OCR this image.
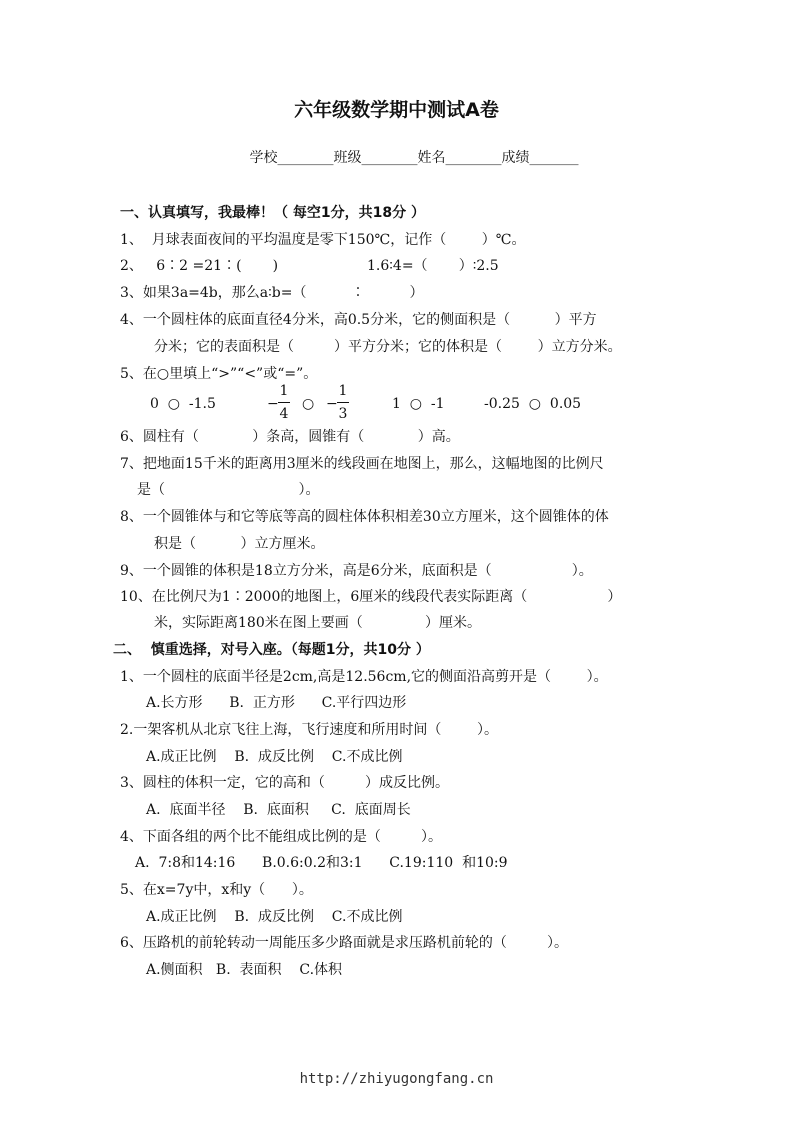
六年级数学期中测试A卷
学校________班级________姓名________成绩_______
一、认真填写，我最棒！（ 每空1分，共18分 ）
1、  月球表面夜间的平均温度是零下150℃，记作（        ）℃。
2、   6∶2 =21∶(       )	1.6∶4=（       ）∶2.5
3、如果3a=4b，那么a∶b=（          ∶          ）
4、一个圆柱体的底面直径4分米，高0.5分米，它的侧面积是（          ）平方
分米；它的表面积是（         ）平方分米；它的体积是（        ）立方分米。
5、在○里填上“>”“<”或“=”。
0  ○  -1.5	− $\frac{1}{4}$ ○ − $\frac{1}{3}$	1  ○  -1	-0.25  ○  0.05
6、圆柱有（            ）条高，圆锥有（            ）高。
7、把地面15千米的距离用3厘米的线段画在地图上，那么，这幅地图的比例尺
是（                              ）。
8、一个圆锥体与和它等底等高的圆柱体体积相差30立方厘米，这个圆锥体的体
积是（          ）立方厘米。
9、一个圆锥的体积是18立方分米，高是6分米，底面积是（                  ）。
10、在比例尺为1∶2000的地图上，6厘米的线段代表实际距离（                  ）
米，实际距离180米在图上要画（              ）厘米。
二、  慎重选择，对号入座。（每题1分，共10分 ）
1、一个圆柱的底面半径是2cm,高是12.56cm,它的侧面沿高剪开是（        ）。
A.长方形      B.  正方形      C.平行四边形
2.一架客机从北京飞往上海，飞行速度和所用时间（        ）。
A.成正比例    B.  成反比例    C.不成比例
3、圆柱的体积一定，它的高和（         ）成反比例。
A.  底面半径    B.  底面积     C.  底面周长
4、下面各组的两个比不能组成比例的是（         ）。
A.  7:8和14:16      B.0.6:0.2和3:1      C.19:110  和10:9
5、在x=7y中，x和y（      ）。
A.成正比例    B.  成反比例    C.不成比例
6、压路机的前轮转动一周能压多少路面就是求压路机前轮的（         ）。
A.侧面积   B.  表面积    C.体积
http://zhiyugongfang.cn
